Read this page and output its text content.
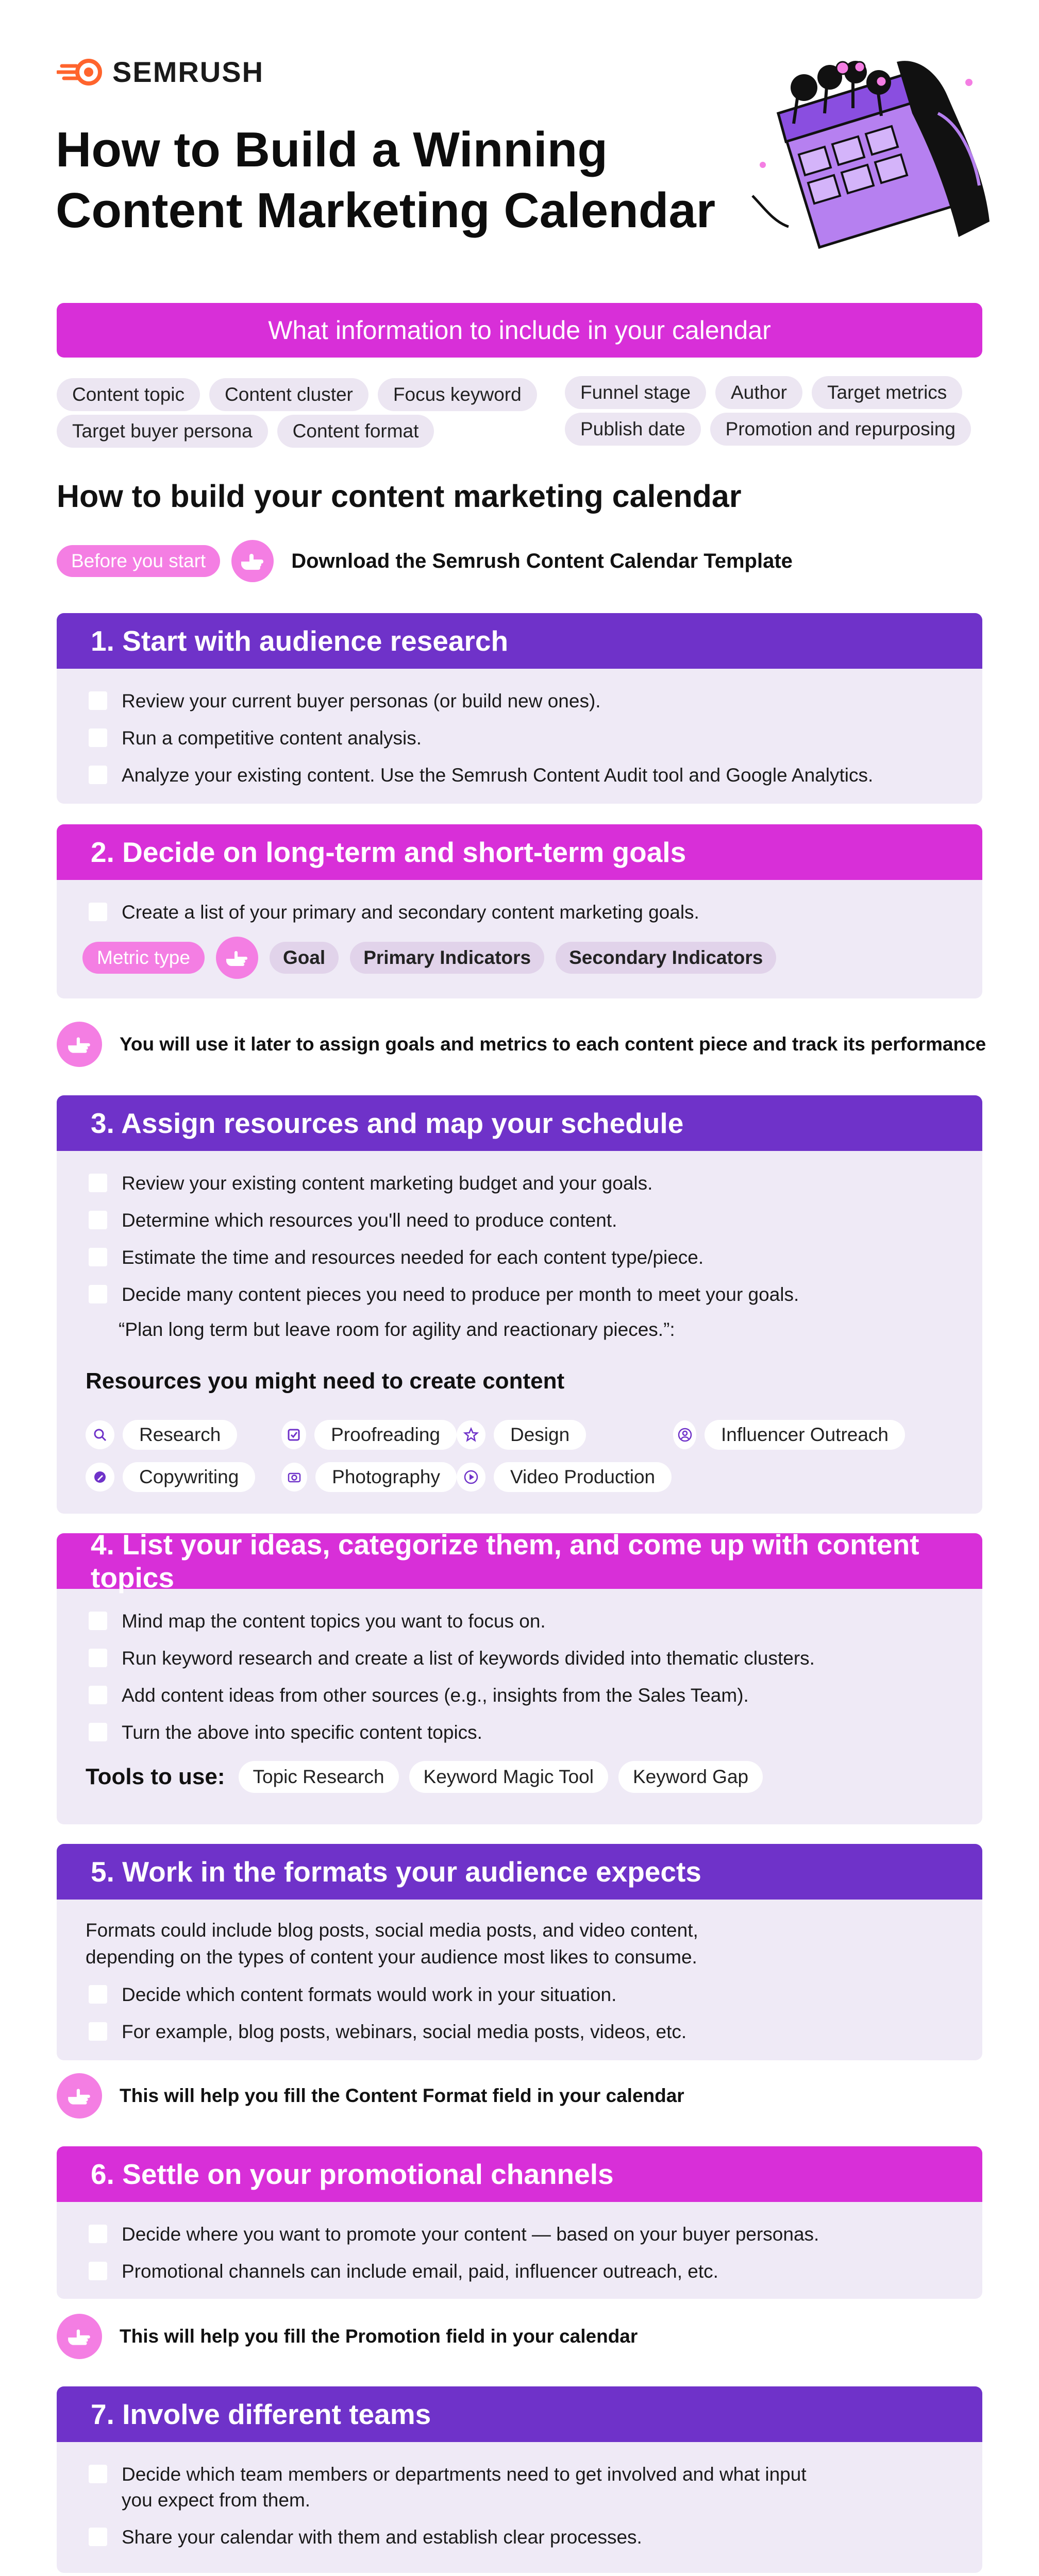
SEMRUSH
How to Build a Winning
Content Marketing Calendar
What information to include in your calendar
Content topic	Content cluster	Focus keyword
Target buyer persona	Content format
Funnel stage	Author	Target metrics
Publish date	Promotion and repurposing
How to build your content marketing calendar
Before you start	Download the Semrush Content Calendar Template
1. Start with audience research
Review your current buyer personas (or build new ones).
Run a competitive content analysis.
Analyze your existing content. Use the Semrush Content Audit tool and Google Analytics.
2. Decide on long-term and short-term goals
Create a list of your primary and secondary content marketing goals.
Metric type	Goal	Primary Indicators	Secondary Indicators
You will use it later to assign goals and metrics to each content piece and track its performance
3. Assign resources and map your schedule
Review your existing content marketing budget and your goals.
Determine which resources you'll need to produce content.
Estimate the time and resources needed for each content type/piece.
Decide many content pieces you need to produce per month to meet your goals.
“Plan long term but leave room for agility and reactionary pieces.”:
Resources you might need to create content
Research	Proofreading	Design	Influencer Outreach
Copywriting	Photography	Video Production
4. List your ideas, categorize them, and come up with content topics
Mind map the content topics you want to focus on.
Run keyword research and create a list of keywords divided into thematic clusters.
Add content ideas from other sources (e.g., insights from the Sales Team).
Turn the above into specific content topics.
Tools to use:	Topic Research	Keyword Magic Tool	Keyword Gap
5. Work in the formats your audience expects
Formats could include blog posts, social media posts, and video content,
depending on the types of content your audience most likes to consume.
Decide which content formats would work in your situation.
For example, blog posts, webinars, social media posts, videos, etc.
This will help you fill the Content Format field in your calendar
6. Settle on your promotional channels
Decide where you want to promote your content — based on your buyer personas.
Promotional channels can include email, paid, influencer outreach, etc.
This will help you fill the Promotion field in your calendar
7. Involve different teams
Decide which team members or departments need to get involved and what input
you expect from them.
Share your calendar with them and establish clear processes.
